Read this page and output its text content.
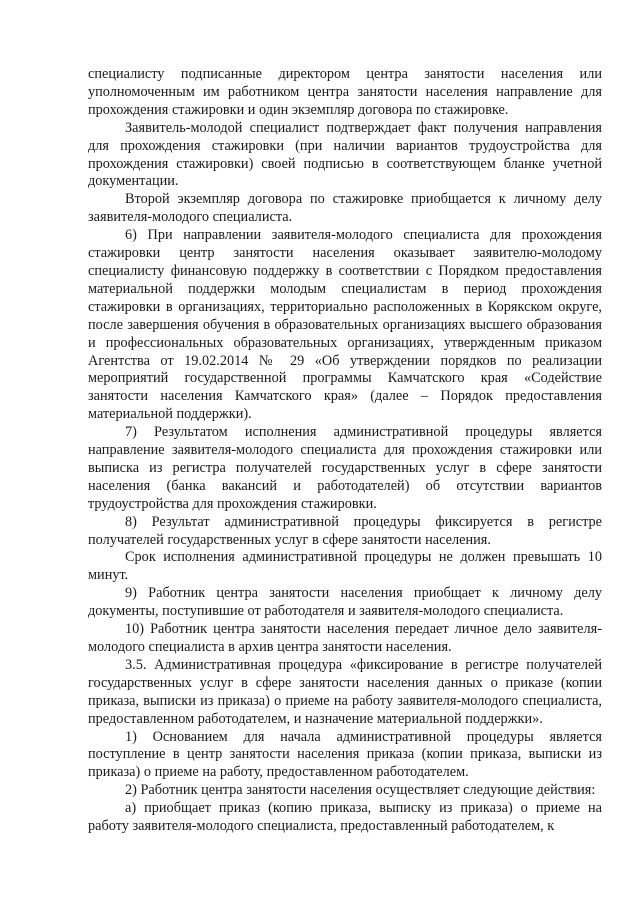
специалисту подписанные директором центра занятости населения или уполномоченным им работником центра занятости населения направление для прохождения стажировки и один экземпляр договора по стажировке.

Заявитель-молодой специалист подтверждает факт получения направления для прохождения стажировки (при наличии вариантов трудоустройства для прохождения стажировки) своей подписью в соответствующем бланке учетной документации.

Второй экземпляр договора по стажировке приобщается к личному делу заявителя-молодого специалиста.

6) При направлении заявителя-молодого специалиста для прохождения стажировки центр занятости населения оказывает заявителю-молодому специалисту финансовую поддержку в соответствии с Порядком предоставления материальной поддержки молодым специалистам в период прохождения стажировки в организациях, территориально расположенных в Корякском округе, после завершения обучения в образовательных организациях высшего образования и профессиональных образовательных организациях, утвержденным приказом Агентства от 19.02.2014 № 29 «Об утверждении порядков по реализации мероприятий государственной программы Камчатского края «Содействие занятости населения Камчатского края» (далее – Порядок предоставления материальной поддержки).

7) Результатом исполнения административной процедуры является направление заявителя-молодого специалиста для прохождения стажировки или выписка из регистра получателей государственных услуг в сфере занятости населения (банка вакансий и работодателей) об отсутствии вариантов трудоустройства для прохождения стажировки.

8) Результат административной процедуры фиксируется в регистре получателей государственных услуг в сфере занятости населения.

Срок исполнения административной процедуры не должен превышать 10 минут.

9) Работник центра занятости населения приобщает к личному делу документы, поступившие от работодателя и заявителя-молодого специалиста.

10) Работник центра занятости населения передает личное дело заявителя-молодого специалиста в архив центра занятости населения.

3.5. Административная процедура «фиксирование в регистре получателей государственных услуг в сфере занятости населения данных о приказе (копии приказа, выписки из приказа) о приеме на работу заявителя-молодого специалиста, предоставленном работодателем, и назначение материальной поддержки».

1) Основанием для начала административной процедуры является поступление в центр занятости населения приказа (копии приказа, выписки из приказа) о приеме на работу, предоставленном работодателем.

2) Работник центра занятости населения осуществляет следующие действия:

а) приобщает приказ (копию приказа, выписку из приказа) о приеме на работу заявителя-молодого специалиста, предоставленный работодателем, к
